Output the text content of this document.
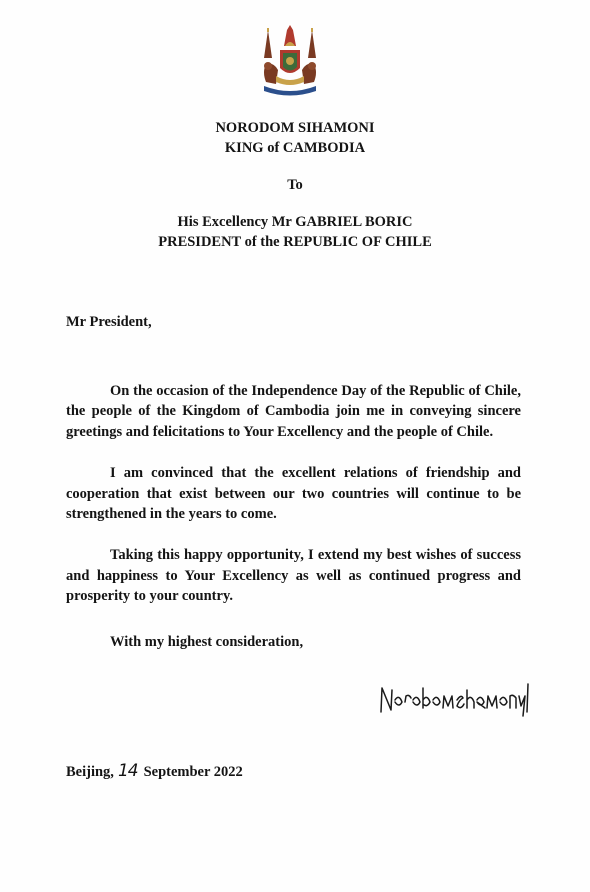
NORODOM SIHAMONI
KING of CAMBODIA
To
His Excellency Mr GABRIEL BORIC
PRESIDENT of the REPUBLIC OF CHILE
Mr President,

On the occasion of the Independence Day of the Republic of Chile, the people of the Kingdom of Cambodia join me in conveying sincere greetings and felicitations to Your Excellency and the people of Chile.

I am convinced that the excellent relations of friendship and cooperation that exist between our two countries will continue to be strengthened in the years to come.

Taking this happy opportunity, I extend my best wishes of success and happiness to Your Excellency as well as continued progress and prosperity to your country.

With my highest consideration,
Beijing, 14 September 2022
